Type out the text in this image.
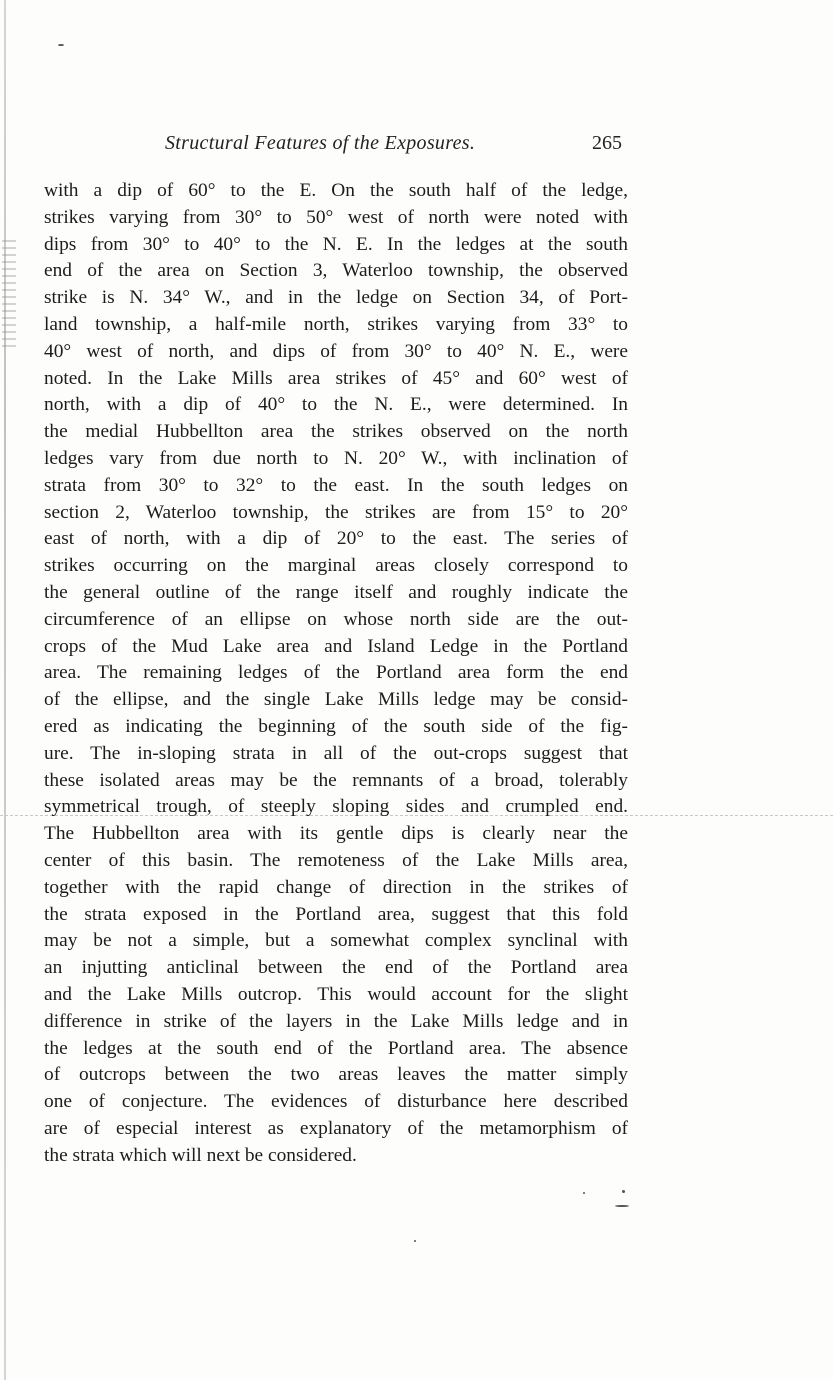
Structural Features of the Exposures.	265
with a dip of 60° to the E. On the south half of the ledge,
strikes varying from 30° to 50° west of north were noted with
dips from 30° to 40° to the N. E. In the ledges at the south
end of the area on Section 3, Waterloo township, the observed
strike is N. 34° W., and in the ledge on Section 34, of Port-
land township, a half-mile north, strikes varying from 33° to
40° west of north, and dips of from 30° to 40° N. E., were
noted. In the Lake Mills area strikes of 45° and 60° west of
north, with a dip of 40° to the N. E., were determined. In
the medial Hubbellton area the strikes observed on the north
ledges vary from due north to N. 20° W., with inclination of
strata from 30° to 32° to the east. In the south ledges on
section 2, Waterloo township, the strikes are from 15° to 20°
east of north, with a dip of 20° to the east. The series of
strikes occurring on the marginal areas closely correspond to
the general outline of the range itself and roughly indicate the
circumference of an ellipse on whose north side are the out-
crops of the Mud Lake area and Island Ledge in the Portland
area. The remaining ledges of the Portland area form the end
of the ellipse, and the single Lake Mills ledge may be consid-
ered as indicating the beginning of the south side of the fig-
ure. The in-sloping strata in all of the out-crops suggest that
these isolated areas may be the remnants of a broad, tolerably
symmetrical trough, of steeply sloping sides and crumpled end.
The Hubbellton area with its gentle dips is clearly near the
center of this basin. The remoteness of the Lake Mills area,
together with the rapid change of direction in the strikes of
the strata exposed in the Portland area, suggest that this fold
may be not a simple, but a somewhat complex synclinal with
an injutting anticlinal between the end of the Portland area
and the Lake Mills outcrop. This would account for the slight
difference in strike of the layers in the Lake Mills ledge and in
the ledges at the south end of the Portland area. The absence
of outcrops between the two areas leaves the matter simply
one of conjecture. The evidences of disturbance here described
are of especial interest as explanatory of the metamorphism of
the strata which will next be considered.
